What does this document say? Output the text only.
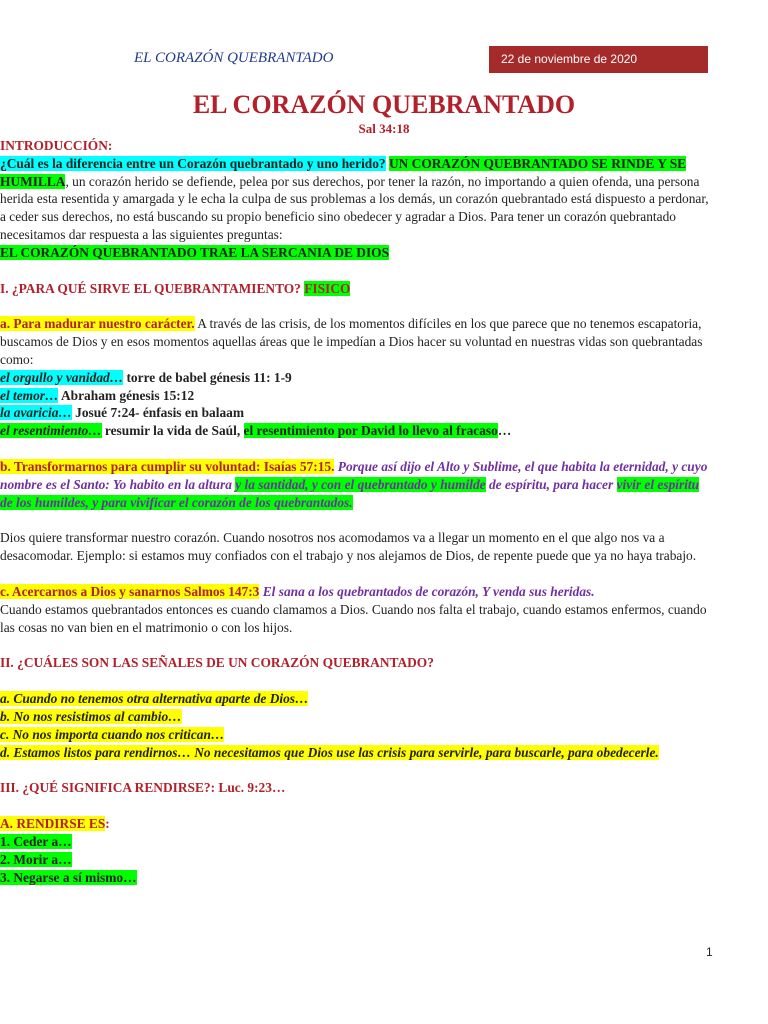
EL CORAZÓN QUEBRANTADO	22 de noviembre de 2020
EL CORAZÓN QUEBRANTADO
Sal 34:18

INTRODUCCIÓN:

¿Cuál es la diferencia entre un Corazón quebrantado y uno herido? UN CORAZÓN QUEBRANTADO SE RINDE Y SE HUMILLA, un corazón herido se defiende, pelea por sus derechos, por tener la razón, no importando a quien ofenda, una persona herida esta resentida y amargada y le echa la culpa de sus problemas a los demás, un corazón quebrantado está dispuesto a perdonar, a ceder sus derechos, no está buscando su propio beneficio sino obedecer y agradar a Dios. Para tener un corazón quebrantado necesitamos dar respuesta a las siguientes preguntas:

EL CORAZÓN QUEBRANTADO TRAE LA SERCANIA DE DIOS

I. ¿PARA QUÉ SIRVE EL QUEBRANTAMIENTO? FISICO

a. Para madurar nuestro carácter. A través de las crisis, de los momentos difíciles en los que parece que no tenemos escapatoria, buscamos de Dios y en esos momentos aquellas áreas que le impedían a Dios hacer su voluntad en nuestras vidas son quebrantadas como:

el orgullo y vanidad… torre de babel génesis 11: 1-9

el temor… Abraham génesis 15:12

la avaricia… Josué 7:24- énfasis en balaam

el resentimiento… resumir la vida de Saúl, el resentimiento por David lo llevo al fracaso…

b. Transformarnos para cumplir su voluntad: Isaías 57:15. Porque así dijo el Alto y Sublime, el que habita la eternidad, y cuyo nombre es el Santo: Yo habito en la altura y la santidad, y con el quebrantado y humilde de espíritu, para hacer vivir el espíritu de los humildes, y para vivificar el corazón de los quebrantados.

Dios quiere transformar nuestro corazón. Cuando nosotros nos acomodamos va a llegar un momento en el que algo nos va a desacomodar. Ejemplo: si estamos muy confiados con el trabajo y nos alejamos de Dios, de repente puede que ya no haya trabajo.

c. Acercarnos a Dios y sanarnos Salmos 147:3 El sana a los quebrantados de corazón, Y venda sus heridas.

Cuando estamos quebrantados entonces es cuando clamamos a Dios. Cuando nos falta el trabajo, cuando estamos enfermos, cuando las cosas no van bien en el matrimonio o con los hijos.

II. ¿CUÁLES SON LAS SEÑALES DE UN CORAZÓN QUEBRANTADO?

a. Cuando no tenemos otra alternativa aparte de Dios…

b. No nos resistimos al cambio…

c. No nos importa cuando nos critican…

d. Estamos listos para rendirnos… No necesitamos que Dios use las crisis para servirle, para buscarle, para obedecerle.

III. ¿QUÉ SIGNIFICA RENDIRSE?: Luc. 9:23…

A. RENDIRSE ES:

1. Ceder a…

2. Morir a…

3. Negarse a sí mismo…

1
